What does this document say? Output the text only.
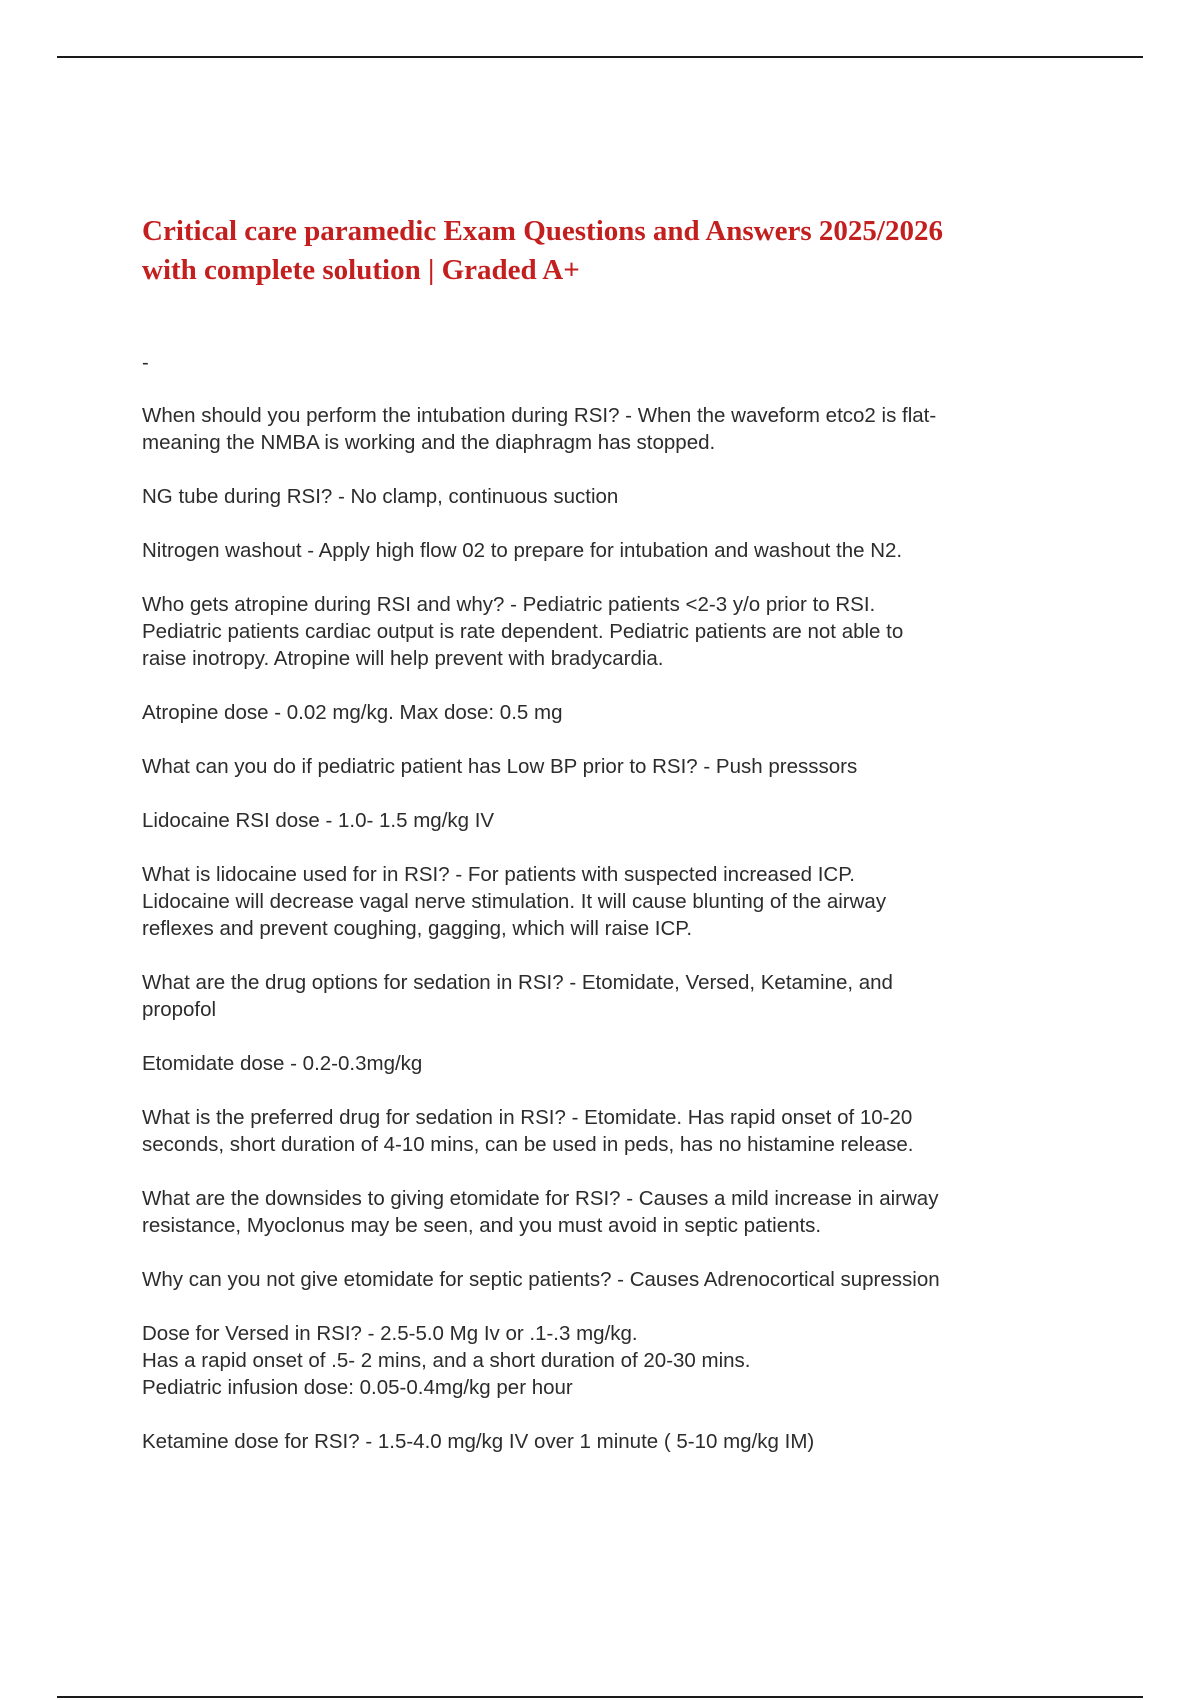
Critical care paramedic Exam Questions and Answers 2025/2026
with complete solution | Graded A+

-

When should you perform the intubation during RSI? - When the waveform etco2 is flat-
meaning the NMBA is working and the diaphragm has stopped.
NG tube during RSI? - No clamp, continuous suction
Nitrogen washout - Apply high flow 02 to prepare for intubation and washout the N2.
Who gets atropine during RSI and why? - Pediatric patients <2-3 y/o prior to RSI.
Pediatric patients cardiac output is rate dependent. Pediatric patients are not able to
raise inotropy. Atropine will help prevent with bradycardia.
Atropine dose - 0.02 mg/kg. Max dose: 0.5 mg
What can you do if pediatric patient has Low BP prior to RSI? - Push presssors
Lidocaine RSI dose - 1.0- 1.5 mg/kg IV
What is lidocaine used for in RSI? - For patients with suspected increased ICP.
Lidocaine will decrease vagal nerve stimulation. It will cause blunting of the airway
reflexes and prevent coughing, gagging, which will raise ICP.
What are the drug options for sedation in RSI? - Etomidate, Versed, Ketamine, and
propofol
Etomidate dose - 0.2-0.3mg/kg
What is the preferred drug for sedation in RSI? - Etomidate. Has rapid onset of 10-20
seconds, short duration of 4-10 mins, can be used in peds, has no histamine release.
What are the downsides to giving etomidate for RSI? - Causes a mild increase in airway
resistance, Myoclonus may be seen, and you must avoid in septic patients.
Why can you not give etomidate for septic patients? - Causes Adrenocortical supression
Dose for Versed in RSI? - 2.5-5.0 Mg Iv or .1-.3 mg/kg.
Has a rapid onset of .5- 2 mins, and a short duration of 20-30 mins.
Pediatric infusion dose: 0.05-0.4mg/kg per hour
Ketamine dose for RSI? - 1.5-4.0 mg/kg IV over 1 minute ( 5-10 mg/kg IM)
